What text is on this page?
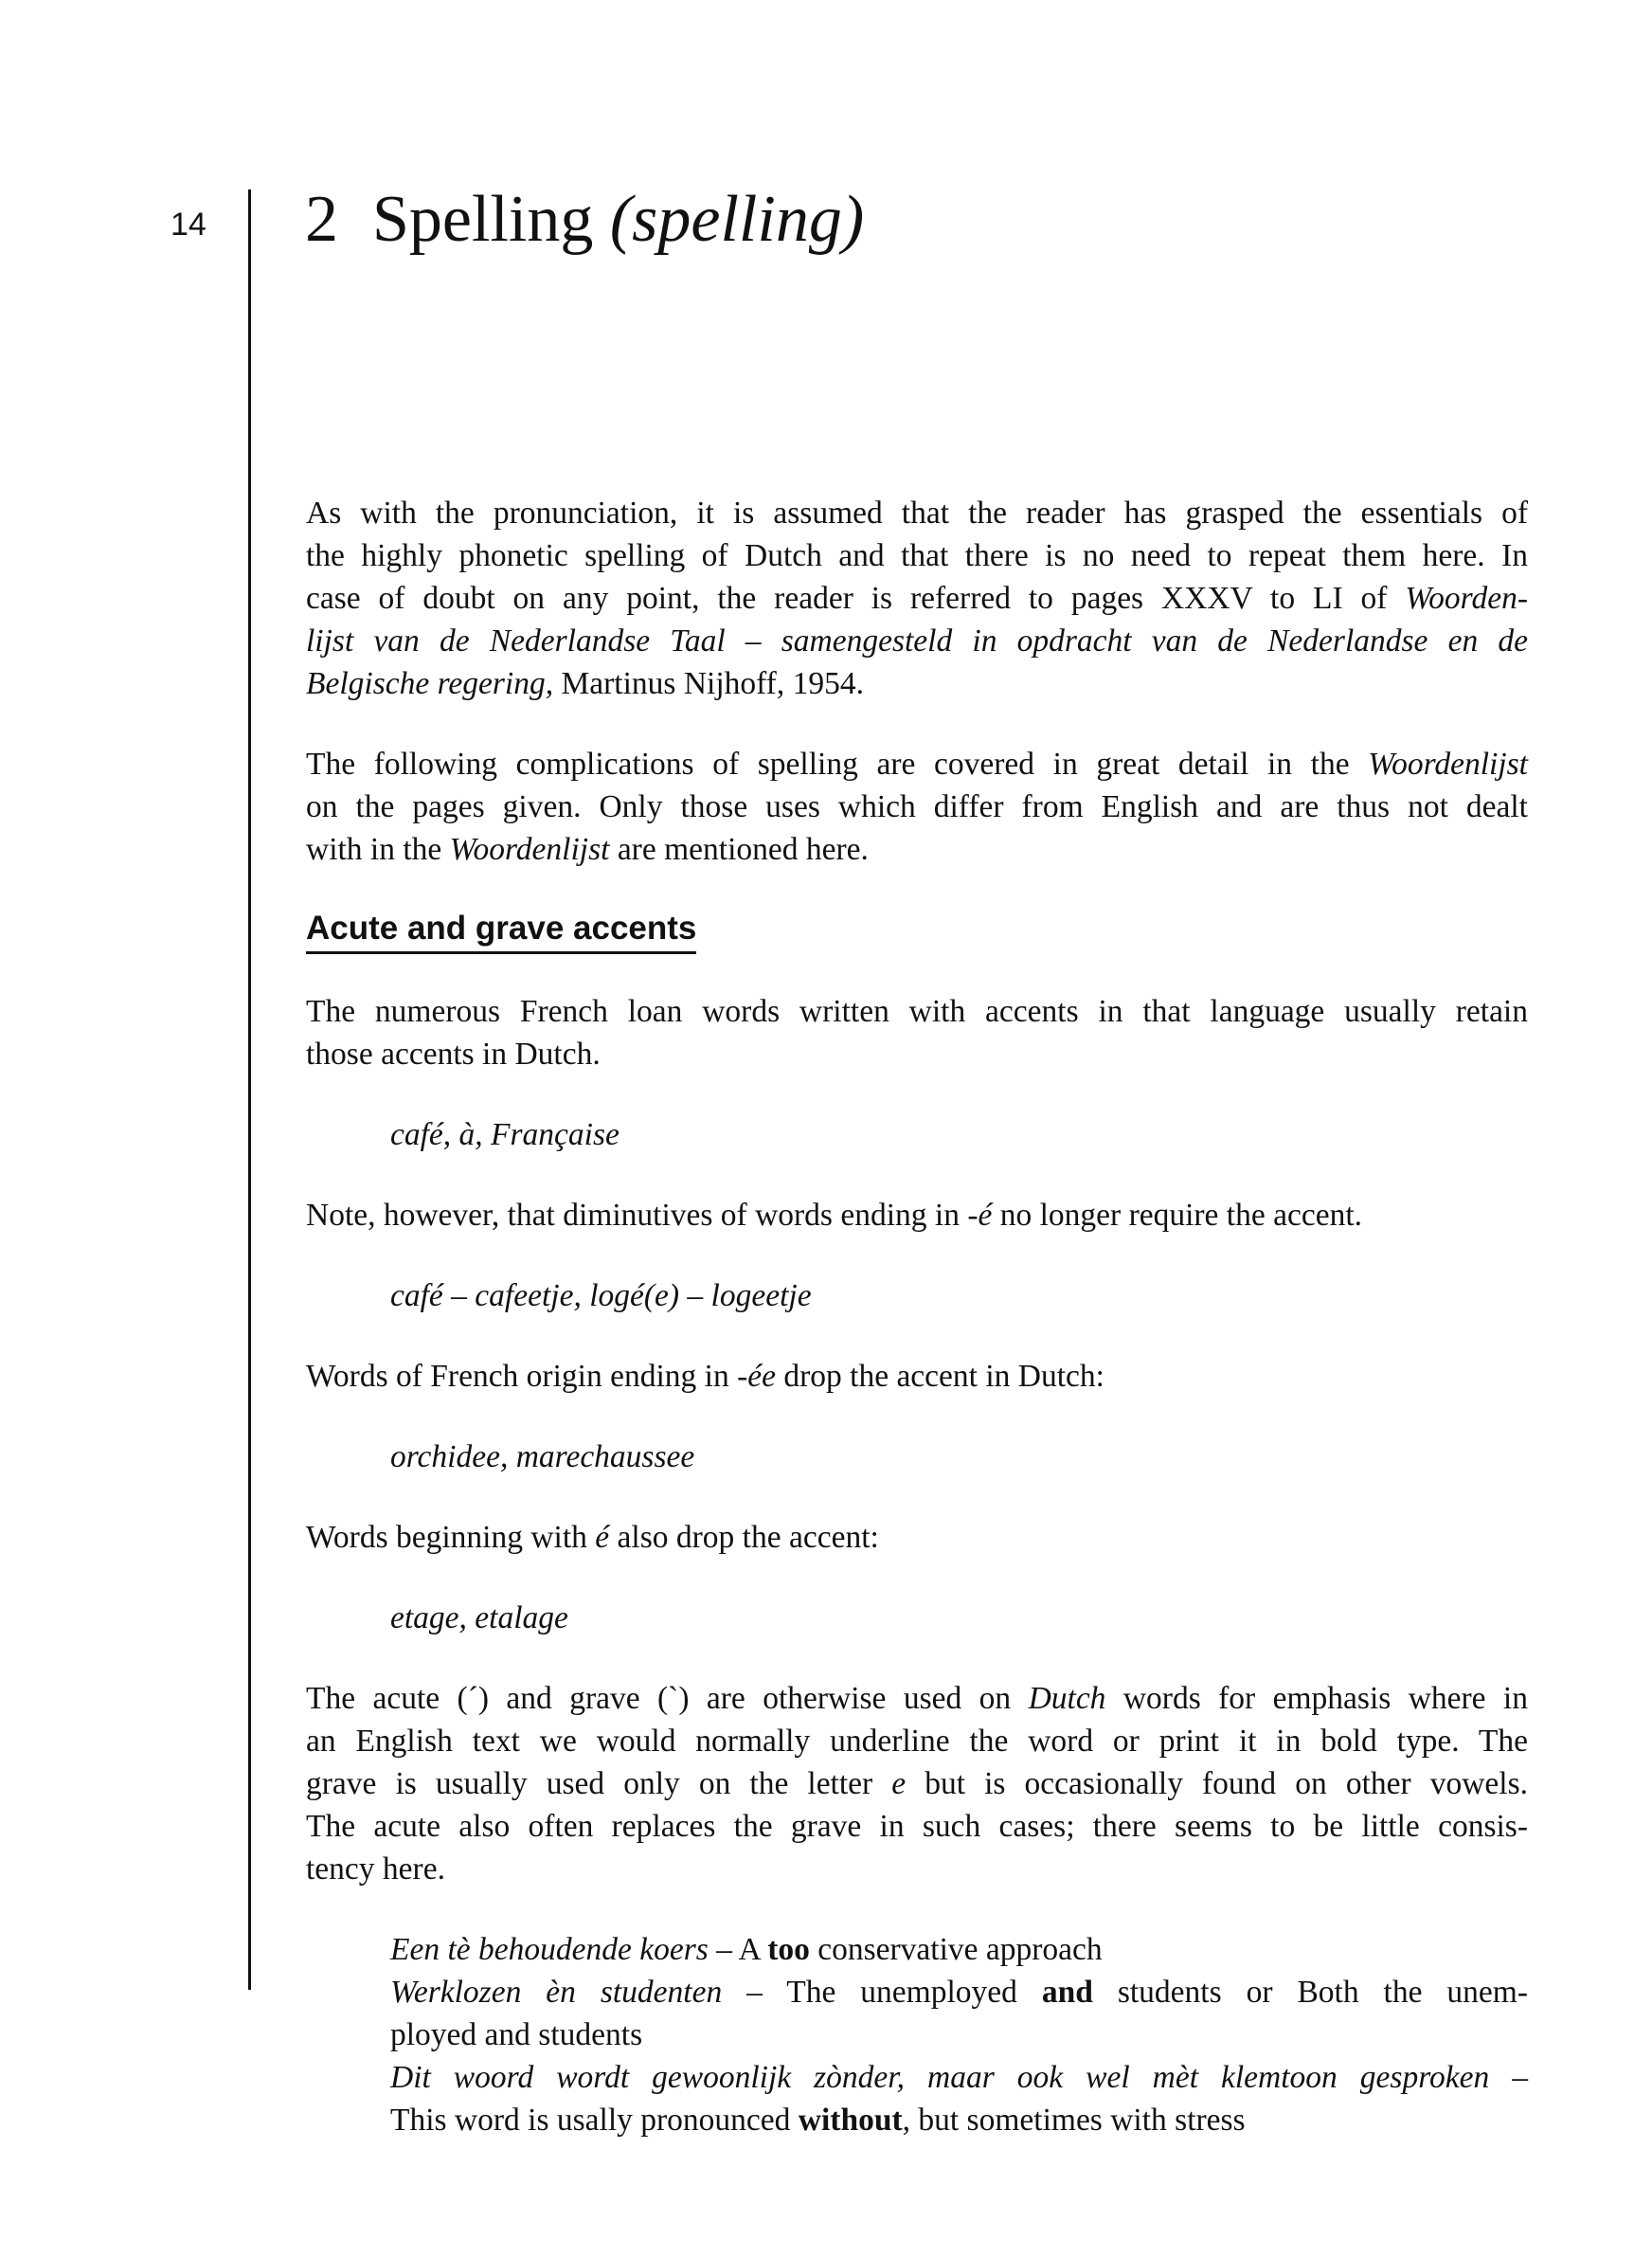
14 2 Spelling (spelling)

As with the pronunciation, it is assumed that the reader has grasped the essentials of
the highly phonetic spelling of Dutch and that there is no need to repeat them here. In
case of doubt on any point, the reader is referred to pages XXXV to LI of Woorden-
lijst van de Nederlandse Taal – samengesteld in opdracht van de Nederlandse en de
Belgische regering, Martinus Nijhoff, 1954.

The following complications of spelling are covered in great detail in the Woordenlijst
on the pages given. Only those uses which differ from English and are thus not dealt
with in the Woordenlijst are mentioned here.

Acute and grave accents

The numerous French loan words written with accents in that language usually retain
those accents in Dutch.

café, à, Française

Note, however, that diminutives of words ending in -é no longer require the accent.

café – cafeetje, logé(e) – logeetje

Words of French origin ending in -ée drop the accent in Dutch:

orchidee, marechaussee

Words beginning with é also drop the accent:

etage, etalage

The acute (´) and grave (`) are otherwise used on Dutch words for emphasis where in
an English text we would normally underline the word or print it in bold type. The
grave is usually used only on the letter e but is occasionally found on other vowels.
The acute also often replaces the grave in such cases; there seems to be little consis-
tency here.

Een tè behoudende koers – A too conservative approach
Werklozen èn studenten – The unemployed and students or Both the unem-
ployed and students
Dit woord wordt gewoonlijk zònder, maar ook wel mèt klemtoon gesproken –
This word is usally pronounced without, but sometimes with stress
